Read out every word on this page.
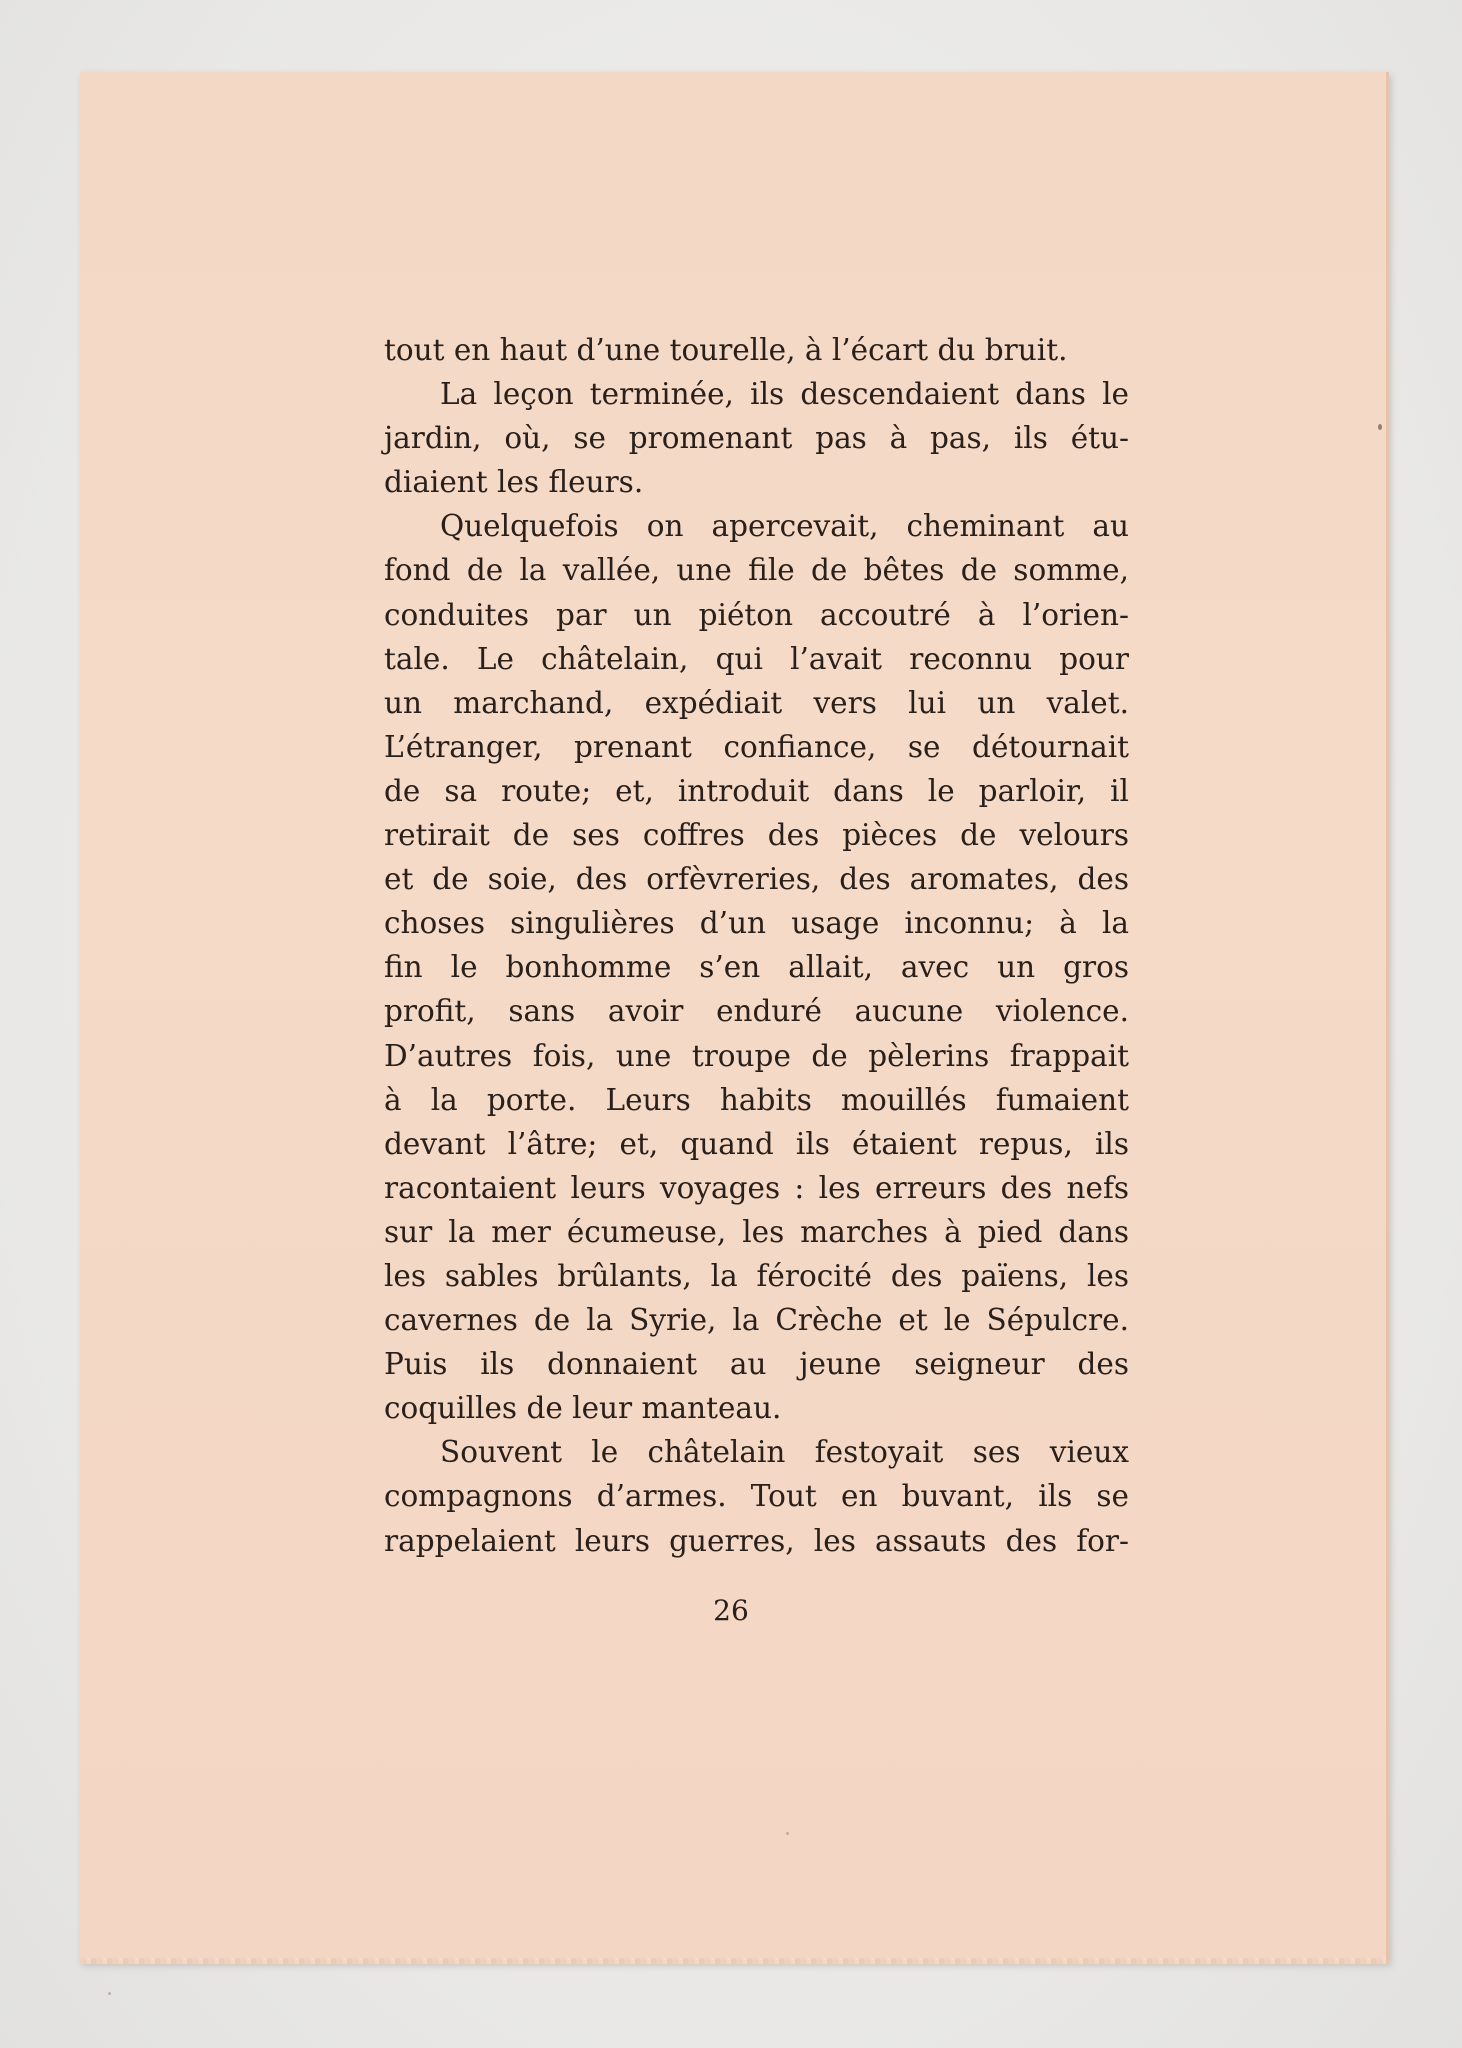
tout en haut d’une tourelle, à l’écart du bruit.
La leçon terminée, ils descendaient dans le
jardin, où, se promenant pas à pas, ils étu-
diaient les fleurs.
Quelquefois on apercevait, cheminant au
fond de la vallée, une file de bêtes de somme,
conduites par un piéton accoutré à l’orien-
tale. Le châtelain, qui l’avait reconnu pour
un marchand, expédiait vers lui un valet.
L’étranger, prenant confiance, se détournait
de sa route; et, introduit dans le parloir, il
retirait de ses coffres des pièces de velours
et de soie, des orfèvreries, des aromates, des
choses singulières d’un usage inconnu; à la
fin le bonhomme s’en allait, avec un gros
profit, sans avoir enduré aucune violence.
D’autres fois, une troupe de pèlerins frappait
à la porte. Leurs habits mouillés fumaient
devant l’âtre; et, quand ils étaient repus, ils
racontaient leurs voyages : les erreurs des nefs
sur la mer écumeuse, les marches à pied dans
les sables brûlants, la férocité des païens, les
cavernes de la Syrie, la Crèche et le Sépulcre.
Puis ils donnaient au jeune seigneur des
coquilles de leur manteau.
Souvent le châtelain festoyait ses vieux
compagnons d’armes. Tout en buvant, ils se
rappelaient leurs guerres, les assauts des for-
26
